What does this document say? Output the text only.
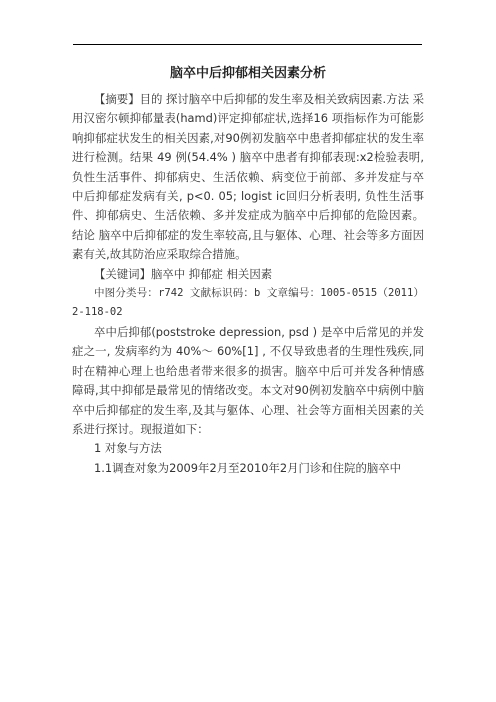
脑卒中后抑郁相关因素分析

【摘要】目的 探讨脑卒中后抑郁的发生率及相关致病因素.方法 采用汉密尔顿抑郁量表(hamd)评定抑郁症状,选择16 项指标作为可能影响抑郁症状发生的相关因素,对90例初发脑卒中患者抑郁症状的发生率进行检测。结果 49 例(54.4% ) 脑卒中患者有抑郁表现:x2检验表明, 负性生活事件、抑郁病史、生活依赖、病变位于前部、多并发症与卒中后抑郁症发病有关, p<0. 05; logist ic回归分析表明, 负性生活事件、抑郁病史、生活依赖、多并发症成为脑卒中后抑郁的危险因素。结论 脑卒中后抑郁症的发生率较高,且与躯体、心理、社会等多方面因素有关,故其防治应采取综合措施。

【关键词】脑卒中 抑郁症 相关因素

中图分类号：r742 文献标识码：b 文章编号：1005-0515（2011）2-118-02

卒中后抑郁(poststroke depression, psd ) 是卒中后常见的并发症之一, 发病率约为 40%～ 60%[1] , 不仅导致患者的生理性残疾,同时在精神心理上也给患者带来很多的损害。脑卒中后可并发各种情感障碍,其中抑郁是最常见的情绪改变。本文对90例初发脑卒中病例中脑卒中后抑郁症的发生率,及其与躯体、心理、社会等方面相关因素的关系进行探讨。现报道如下：

1 对象与方法

1.1调查对象为2009年2月至2010年2月门诊和住院的脑卒中
